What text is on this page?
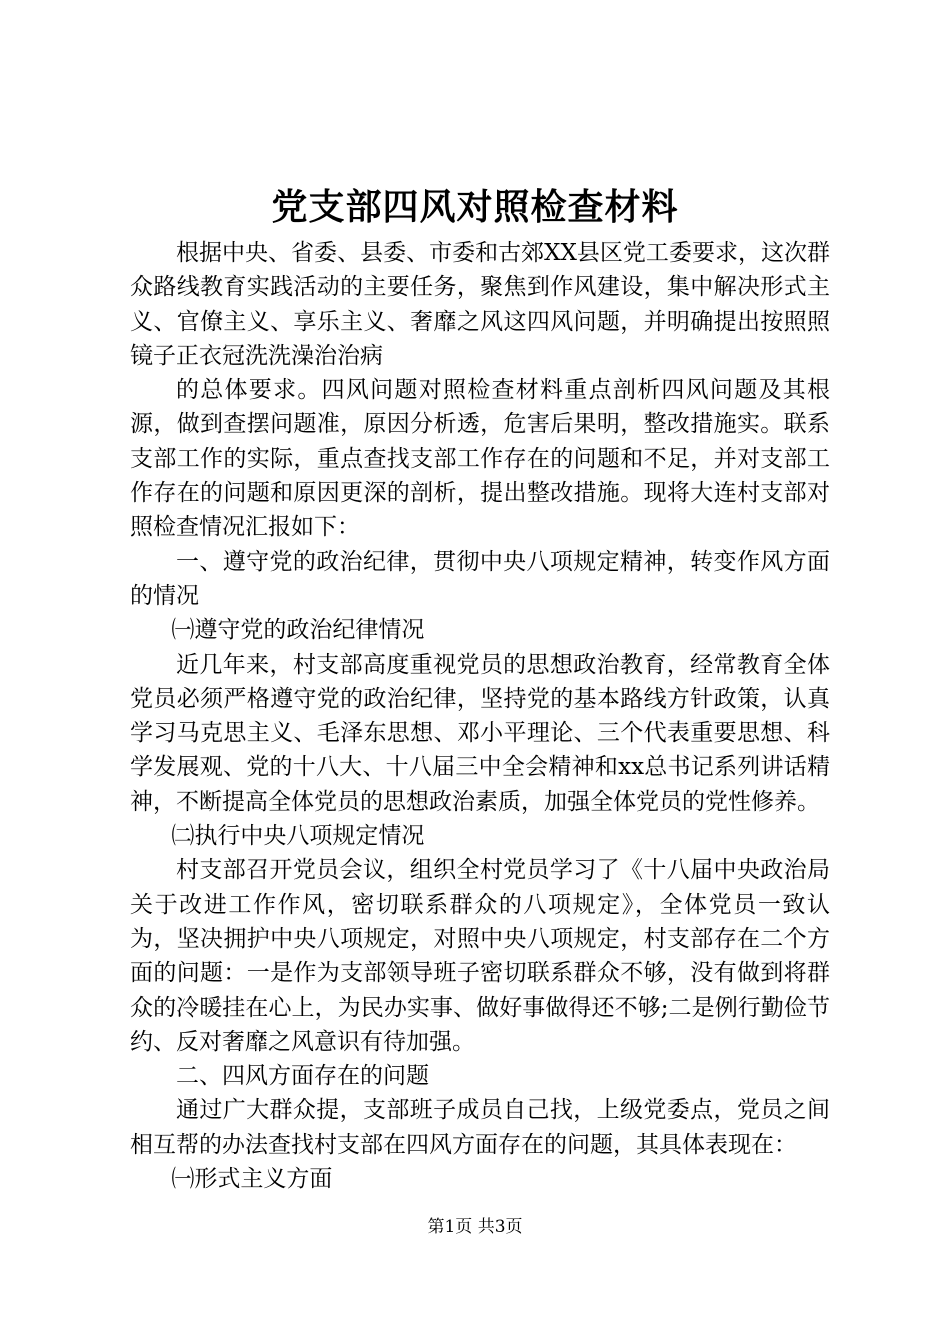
党支部四风对照检查材料

根据中央、省委、县委、市委和古郊XX县区党工委要求，这次群众路线教育实践活动的主要任务，聚焦到作风建设，集中解决形式主义、官僚主义、享乐主义、奢靡之风这四风问题，并明确提出按照照镜子正衣冠洗洗澡治治病

的总体要求。四风问题对照检查材料重点剖析四风问题及其根源，做到查摆问题准，原因分析透，危害后果明，整改措施实。联系支部工作的实际，重点查找支部工作存在的问题和不足，并对支部工作存在的问题和原因更深的剖析，提出整改措施。现将大连村支部对照检查情况汇报如下：

一、遵守党的政治纪律，贯彻中央八项规定精神，转变作风方面的情况

㈠遵守党的政治纪律情况

近几年来，村支部高度重视党员的思想政治教育，经常教育全体党员必须严格遵守党的政治纪律，坚持党的基本路线方针政策，认真学习马克思主义、毛泽东思想、邓小平理论、三个代表重要思想、科学发展观、党的十八大、十八届三中全会精神和xx总书记系列讲话精神，不断提高全体党员的思想政治素质，加强全体党员的党性修养。

㈡执行中央八项规定情况

村支部召开党员会议，组织全村党员学习了《十八届中央政治局关于改进工作作风，密切联系群众的八项规定》，全体党员一致认为，坚决拥护中央八项规定，对照中央八项规定，村支部存在二个方面的问题：一是作为支部领导班子密切联系群众不够，没有做到将群众的冷暖挂在心上，为民办实事、做好事做得还不够;二是例行勤俭节约、反对奢靡之风意识有待加强。

二、四风方面存在的问题

通过广大群众提，支部班子成员自己找，上级党委点，党员之间相互帮的办法查找村支部在四风方面存在的问题，其具体表现在：

㈠形式主义方面

第1页 共3页
